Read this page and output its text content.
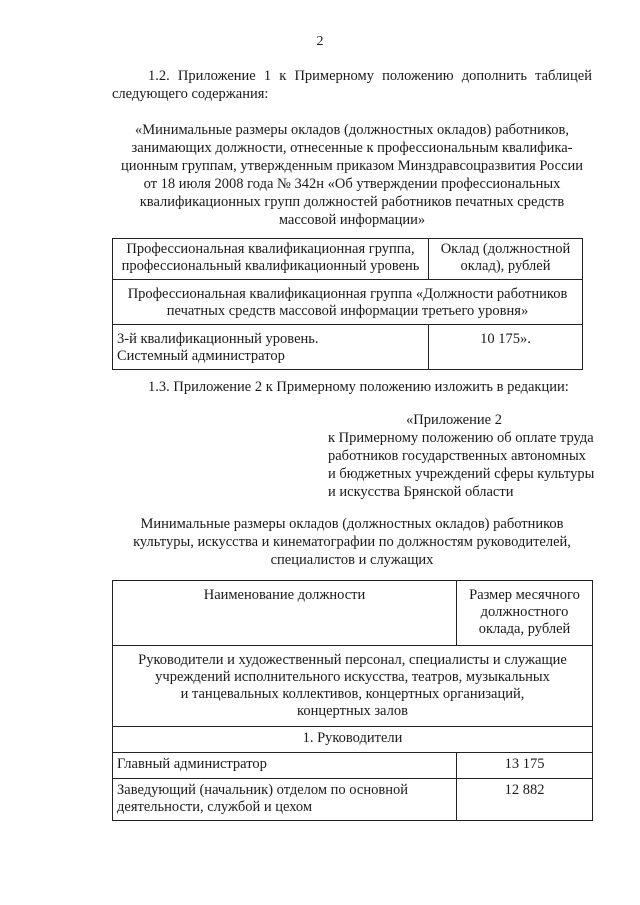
2
1.2. Приложение 1 к Примерному положению дополнить таблицей
следующего содержания:
«Минимальные размеры окладов (должностных окладов) работников,
занимающих должности, отнесенные к профессиональным квалифика-
ционным группам, утвержденным приказом Минздравсоцразвития России
от 18 июля 2008 года № 342н «Об утверждении профессиональных
квалификационных групп должностей работников печатных средств
массовой информации»
Профессиональная квалификационная группа,
профессиональный квалификационный уровень	Оклад (должностной
оклад), рублей

Профессиональная квалификационная группа «Должности работников
печатных средств массовой информации третьего уровня»	

3-й квалификационный уровень.
Системный администратор	10 175».
1.3. Приложение 2 к Примерному положению изложить в редакции:
«Приложение 2
к Примерному положению об оплате труда
работников государственных автономных
и бюджетных учреждений сферы культуры
и искусства Брянской области
Минимальные размеры окладов (должностных окладов) работников
культуры, искусства и кинематографии по должностям руководителей,
специалистов и служащих
Наименование должности	Размер месячного
должностного
оклада, рублей

Руководители и художественный персонал, специалисты и служащие
учреждений исполнительного искусства, театров, музыкальных
и танцевальных коллективов, концертных организаций,
концертных залов	

1. Руководители	
Главный администратор	13 175

Заведующий (начальник) отделом по основной
деятельности, службой и цехом	12 882
